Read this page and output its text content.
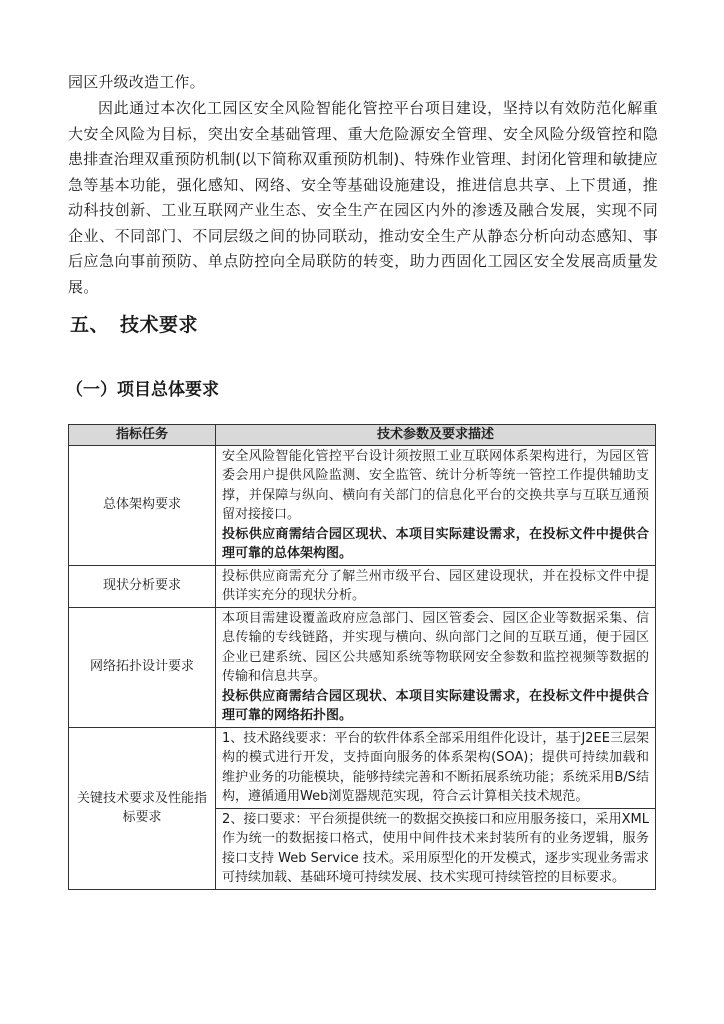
园区升级改造工作。
因此通过本次化工园区安全风险智能化管控平台项目建设，坚持以有效防范化解重大安全风险为目标，突出安全基础管理、重大危险源安全管理、安全风险分级管控和隐患排查治理双重预防机制(以下简称双重预防机制)、特殊作业管理、封闭化管理和敏捷应急等基本功能，强化感知、网络、安全等基础设施建设，推进信息共享、上下贯通，推动科技创新、工业互联网产业生态、安全生产在园区内外的渗透及融合发展，实现不同企业、不同部门、不同层级之间的协同联动，推动安全生产从静态分析向动态感知、事后应急向事前预防、单点防控向全局联防的转变，助力西固化工园区安全发展高质量发展。
五、 技术要求
（一）项目总体要求
指标任务	技术参数及要求描述
总体架构要求	安全风险智能化管控平台设计须按照工业互联网体系架构进行，为园区管委会用户提供风险监测、安全监管、统计分析等统一管控工作提供辅助支撑，并保障与纵向、横向有关部门的信息化平台的交换共享与互联互通预留对接接口。
投标供应商需结合园区现状、本项目实际建设需求，在投标文件中提供合理可靠的总体架构图。

现状分析要求	投标供应商需充分了解兰州市级平台、园区建设现状，并在投标文件中提供详实充分的现状分析。

网络拓扑设计要求	本项目需建设覆盖政府应急部门、园区管委会、园区企业等数据采集、信息传输的专线链路，并实现与横向、纵向部门之间的互联互通，便于园区企业已建系统、园区公共感知系统等物联网安全参数和监控视频等数据的传输和信息共享。
投标供应商需结合园区现状、本项目实际建设需求，在投标文件中提供合理可靠的网络拓扑图。

关键技术要求及性能指标要求	1、技术路线要求：平台的软件体系全部采用组件化设计，基于J2EE三层架构的模式进行开发，支持面向服务的体系架构(SOA)；提供可持续加载和维护业务的功能模块，能够持续完善和不断拓展系统功能；系统采用B/S结构，遵循通用Web浏览器规范实现，符合云计算相关技术规范。

	2、接口要求：平台须提供统一的数据交换接口和应用服务接口，采用XML作为统一的数据接口格式，使用中间件技术来封装所有的业务逻辑，服务接口支持 Web Service 技术。采用原型化的开发模式，逐步实现业务需求可持续加载、基础环境可持续发展、技术实现可持续管控的目标要求。
